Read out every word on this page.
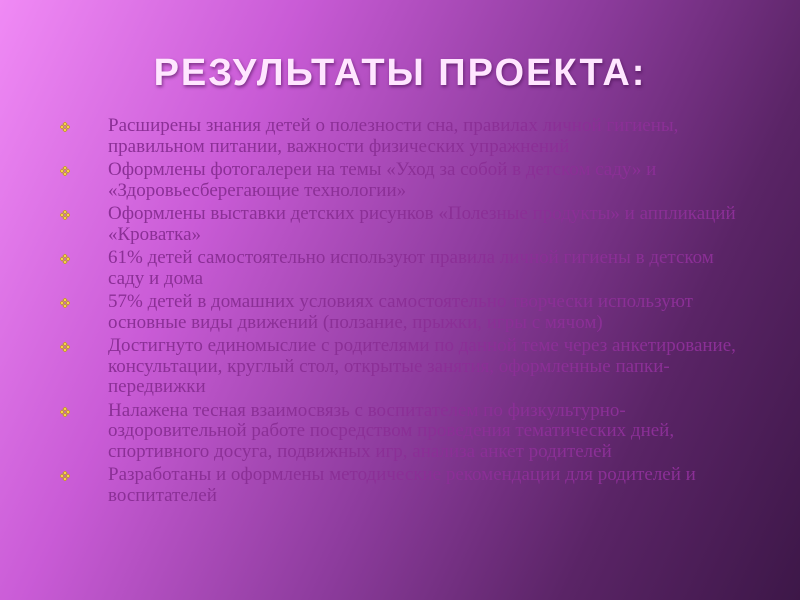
РЕЗУЛЬТАТЫ ПРОЕКТА:
Расширены знания детей о полезности сна, правилах личной гигиены, правильном питании, важности физических упражнений
Оформлены фотогалереи на темы «Уход за собой в детском саду» и «Здоровьесберегающие технологии»
Оформлены выставки детских рисунков «Полезные продукты» и аппликаций «Кроватка»
61% детей самостоятельно используют правила личной гигиены в детском саду и дома
57% детей в домашних условиях самостоятельно творчески используют основные виды движений (ползание, прыжки, игры с мячом)
Достигнуто единомыслие с родителями по данной теме через анкетирование, консультации, круглый стол, открытые занятия, оформленные папки-передвижки
Налажена тесная взаимосвязь с воспитателем по физкультурно-оздоровительной работе посредством проведения тематических дней, спортивного досуга, подвижных игр, анализа анкет родителей
Разработаны и оформлены методические рекомендации для родителей и воспитателей
